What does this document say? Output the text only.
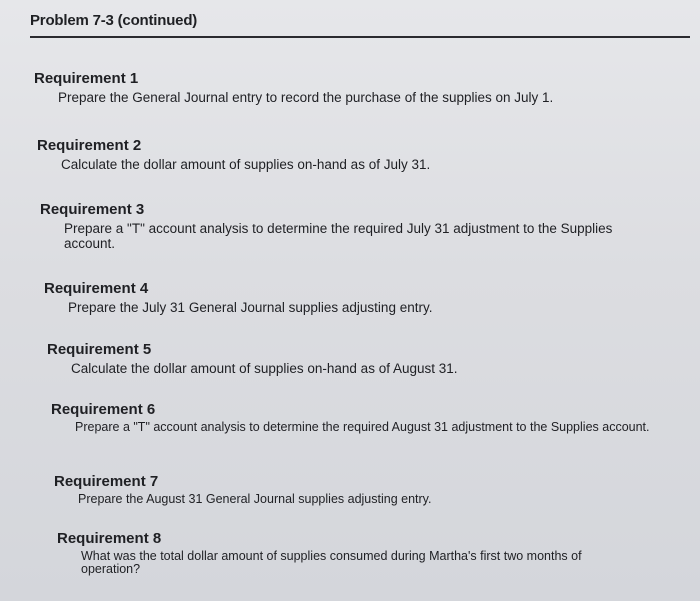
Problem 7-3 (continued)
Requirement 1
Prepare the General Journal entry to record the purchase of the supplies on July 1.
Requirement 2
Calculate the dollar amount of supplies on-hand as of July 31.
Requirement 3
Prepare a "T" account analysis to determine the required July 31 adjustment to the Supplies account.
Requirement 4
Prepare the July 31 General Journal supplies adjusting entry.
Requirement 5
Calculate the dollar amount of supplies on-hand as of August 31.
Requirement 6
Prepare a "T" account analysis to determine the required August 31 adjustment to the Supplies account.
Requirement 7
Prepare the August 31 General Journal supplies adjusting entry.
Requirement 8
What was the total dollar amount of supplies consumed during Martha's first two months of operation?
